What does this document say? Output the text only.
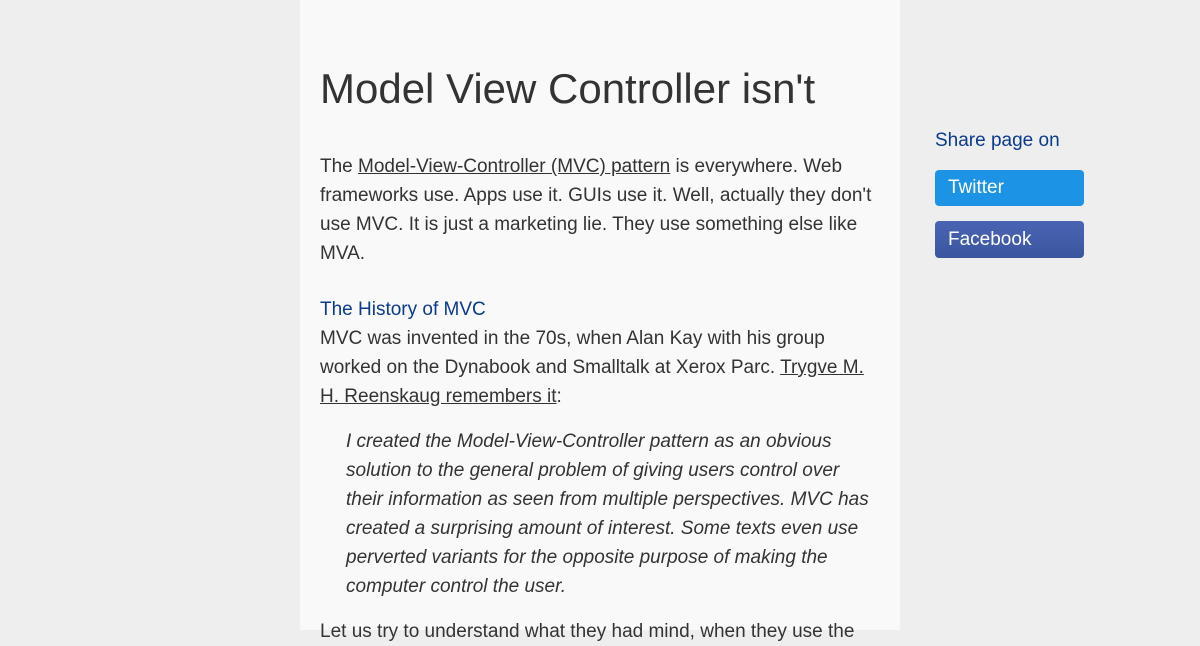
Model View Controller isn't

The Model-View-Controller (MVC) pattern is everywhere. Web frameworks use. Apps use it. GUIs use it. Well, actually they don't use MVC. It is just a marketing lie. They use something else like MVA.

The History of MVC

MVC was invented in the 70s, when Alan Kay with his group worked on the Dynabook and Smalltalk at Xerox Parc. Trygve M. H. Reenskaug remembers it:

I created the Model-View-Controller pattern as an obvious solution to the general problem of giving users control over their information as seen from multiple perspectives. MVC has created a surprising amount of interest. Some texts even use perverted variants for the opposite purpose of making the computer control the user.

Let us try to understand what they had mind, when they use the

Share page on
Twitter
Facebook
